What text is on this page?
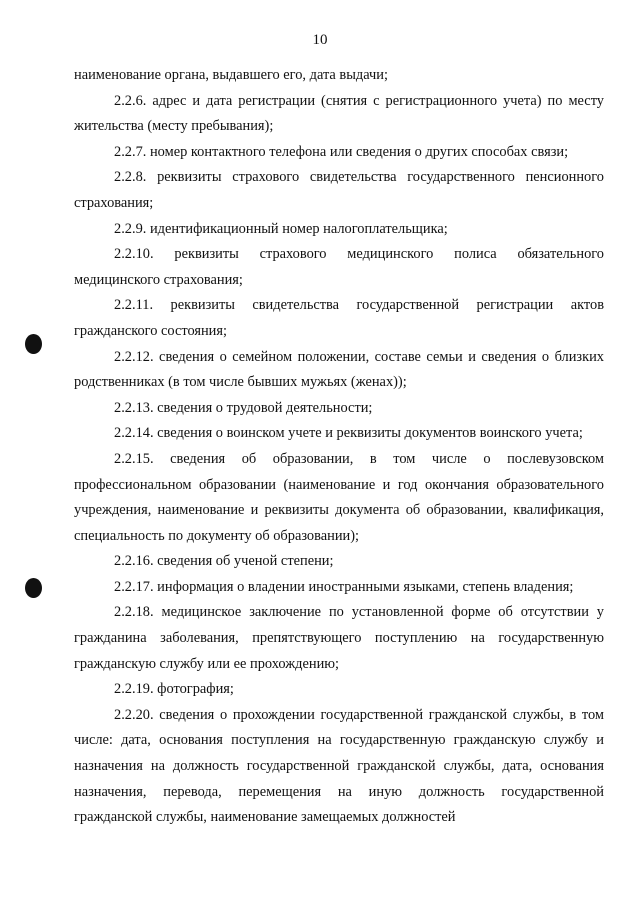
10

наименование органа, выдавшего его, дата выдачи;

2.2.6. адрес и дата регистрации (снятия с регистрационного учета) по месту жительства (месту пребывания);

2.2.7. номер контактного телефона или сведения о других способах связи;

2.2.8. реквизиты страхового свидетельства государственного пенсионного страхования;

2.2.9. идентификационный номер налогоплательщика;

2.2.10. реквизиты страхового медицинского полиса обязательного медицинского страхования;

2.2.11. реквизиты свидетельства государственной регистрации актов гражданского состояния;

2.2.12. сведения о семейном положении, составе семьи и сведения о близких родственниках (в том числе бывших мужьях (женах));

2.2.13. сведения о трудовой деятельности;

2.2.14. сведения о воинском учете и реквизиты документов воинского учета;

2.2.15. сведения об образовании, в том числе о послевузовском профессиональном образовании (наименование и год окончания образовательного учреждения, наименование и реквизиты документа об образовании, квалификация, специальность по документу об образовании);

2.2.16. сведения об ученой степени;

2.2.17. информация о владении иностранными языками, степень владения;

2.2.18. медицинское заключение по установленной форме об отсутствии у гражданина заболевания, препятствующего поступлению на государственную гражданскую службу или ее прохождению;

2.2.19. фотография;

2.2.20. сведения о прохождении государственной гражданской службы, в том числе: дата, основания поступления на государственную гражданскую службу и назначения на должность государственной гражданской службы, дата, основания назначения, перевода, перемещения на иную должность государственной гражданской службы, наименование замещаемых должностей
